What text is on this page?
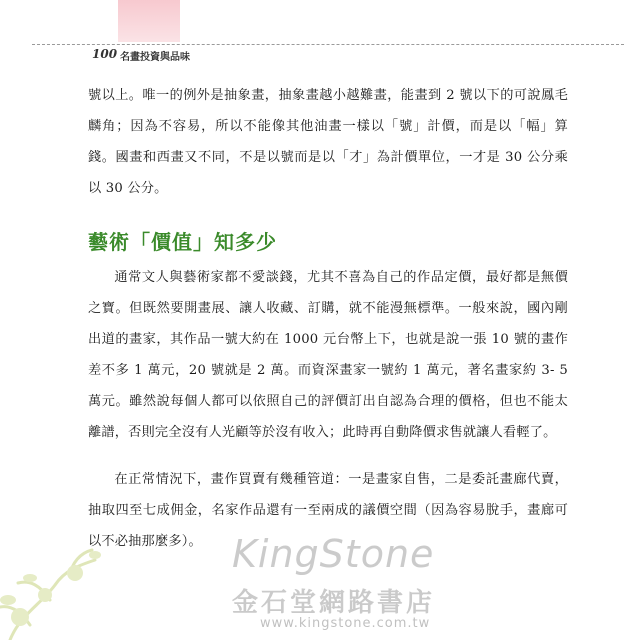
100 名畫投資與品味

號以上。唯一的例外是抽象畫，抽象畫越小越難畫，能畫到 2 號以下的可說鳳毛麟角；因為不容易，所以不能像其他油畫一樣以「號」計價，而是以「幅」算錢。國畫和西畫又不同，不是以號而是以「才」為計價單位，一才是 30 公分乘以 30 公分。

藝術「價值」知多少

通常文人與藝術家都不愛談錢，尤其不喜為自己的作品定價，最好都是無價之寶。但既然要開畫展、讓人收藏、訂購，就不能漫無標準。一般來說，國內剛出道的畫家，其作品一號大約在 1000 元台幣上下，也就是說一張 10 號的畫作差不多 1 萬元，20 號就是 2 萬。而資深畫家一號約 1 萬元，著名畫家約 3- 5 萬元。雖然說每個人都可以依照自己的評價訂出自認為合理的價格，但也不能太離譜，否則完全沒有人光顧等於沒有收入；此時再自動降價求售就讓人看輕了。

在正常情況下，畫作買賣有幾種管道：一是畫家自售，二是委託畫廊代賣，抽取四至七成佣金，名家作品還有一至兩成的議價空間（因為容易脫手，畫廊可以不必抽那麼多）。 KingStone
金石堂網路書店
www.kingstone.com.tw
